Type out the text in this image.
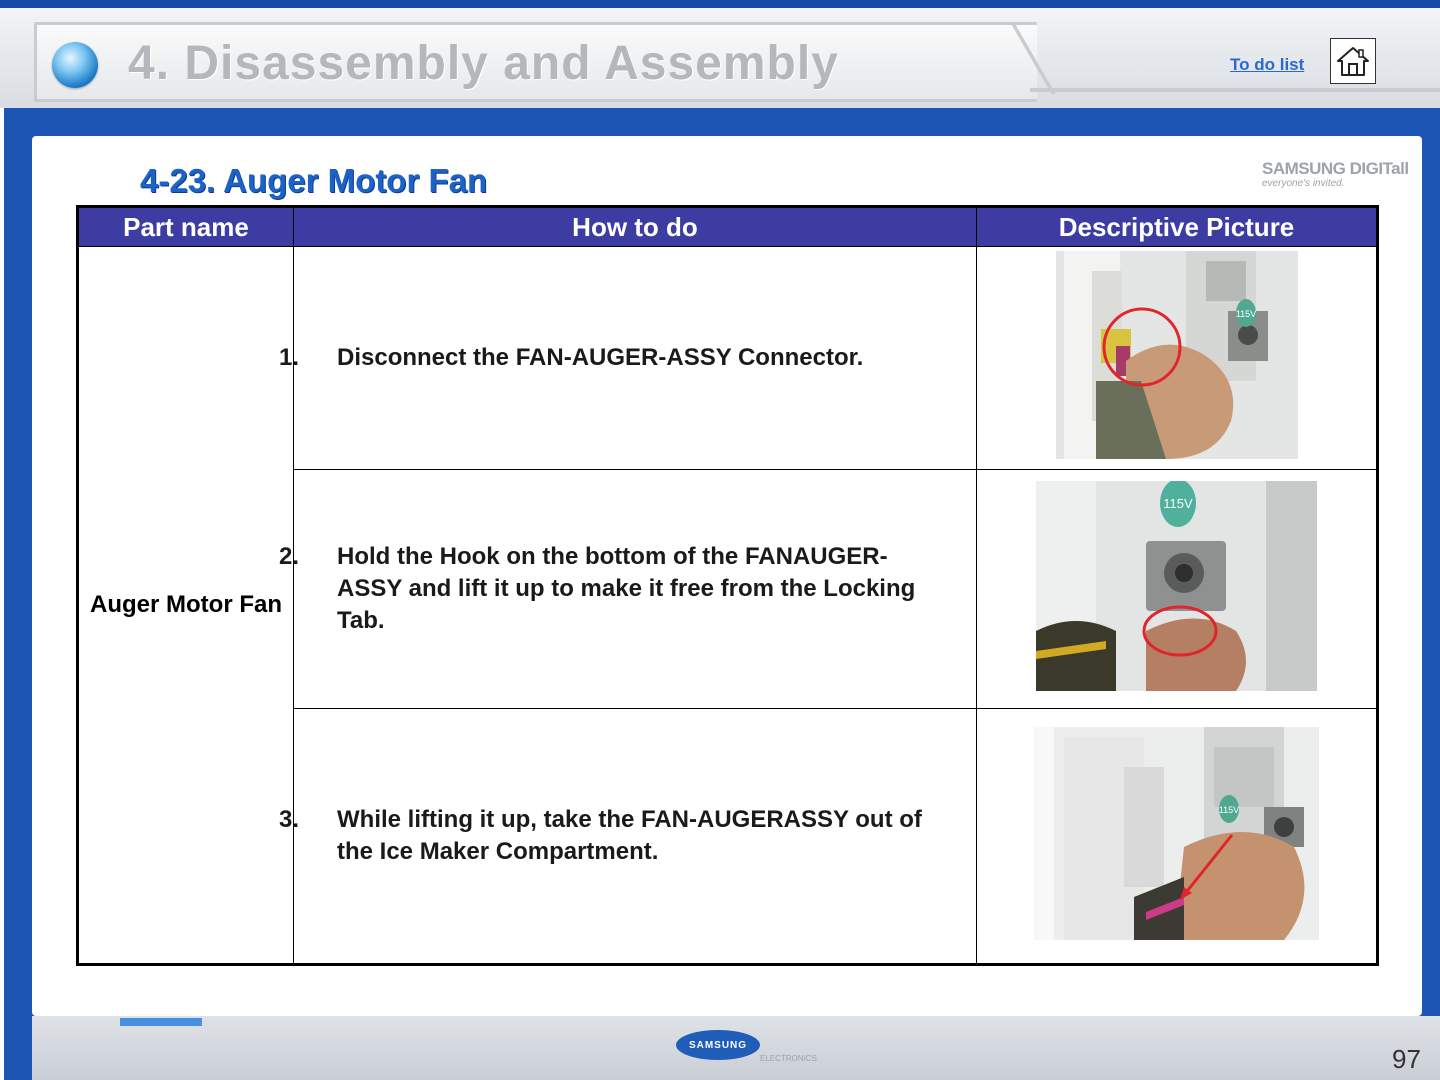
4. Disassembly and Assembly	To do list
SAMSUNG DIGITall
everyone's invited.
4-23. Auger Motor Fan
Part name	How to do	Descriptive Picture
Auger Motor Fan	1. Disconnect the FAN-AUGER-ASSY Connector.	115V

	2. Hold the Hook on the bottom of the FANAUGER-ASSY and lift it up to make it free from the Locking Tab.	115V

	3. While lifting it up, take the FAN-AUGERASSY out of the Ice Maker Compartment.	115V
SAMSUNG
ELECTRONICS	97
